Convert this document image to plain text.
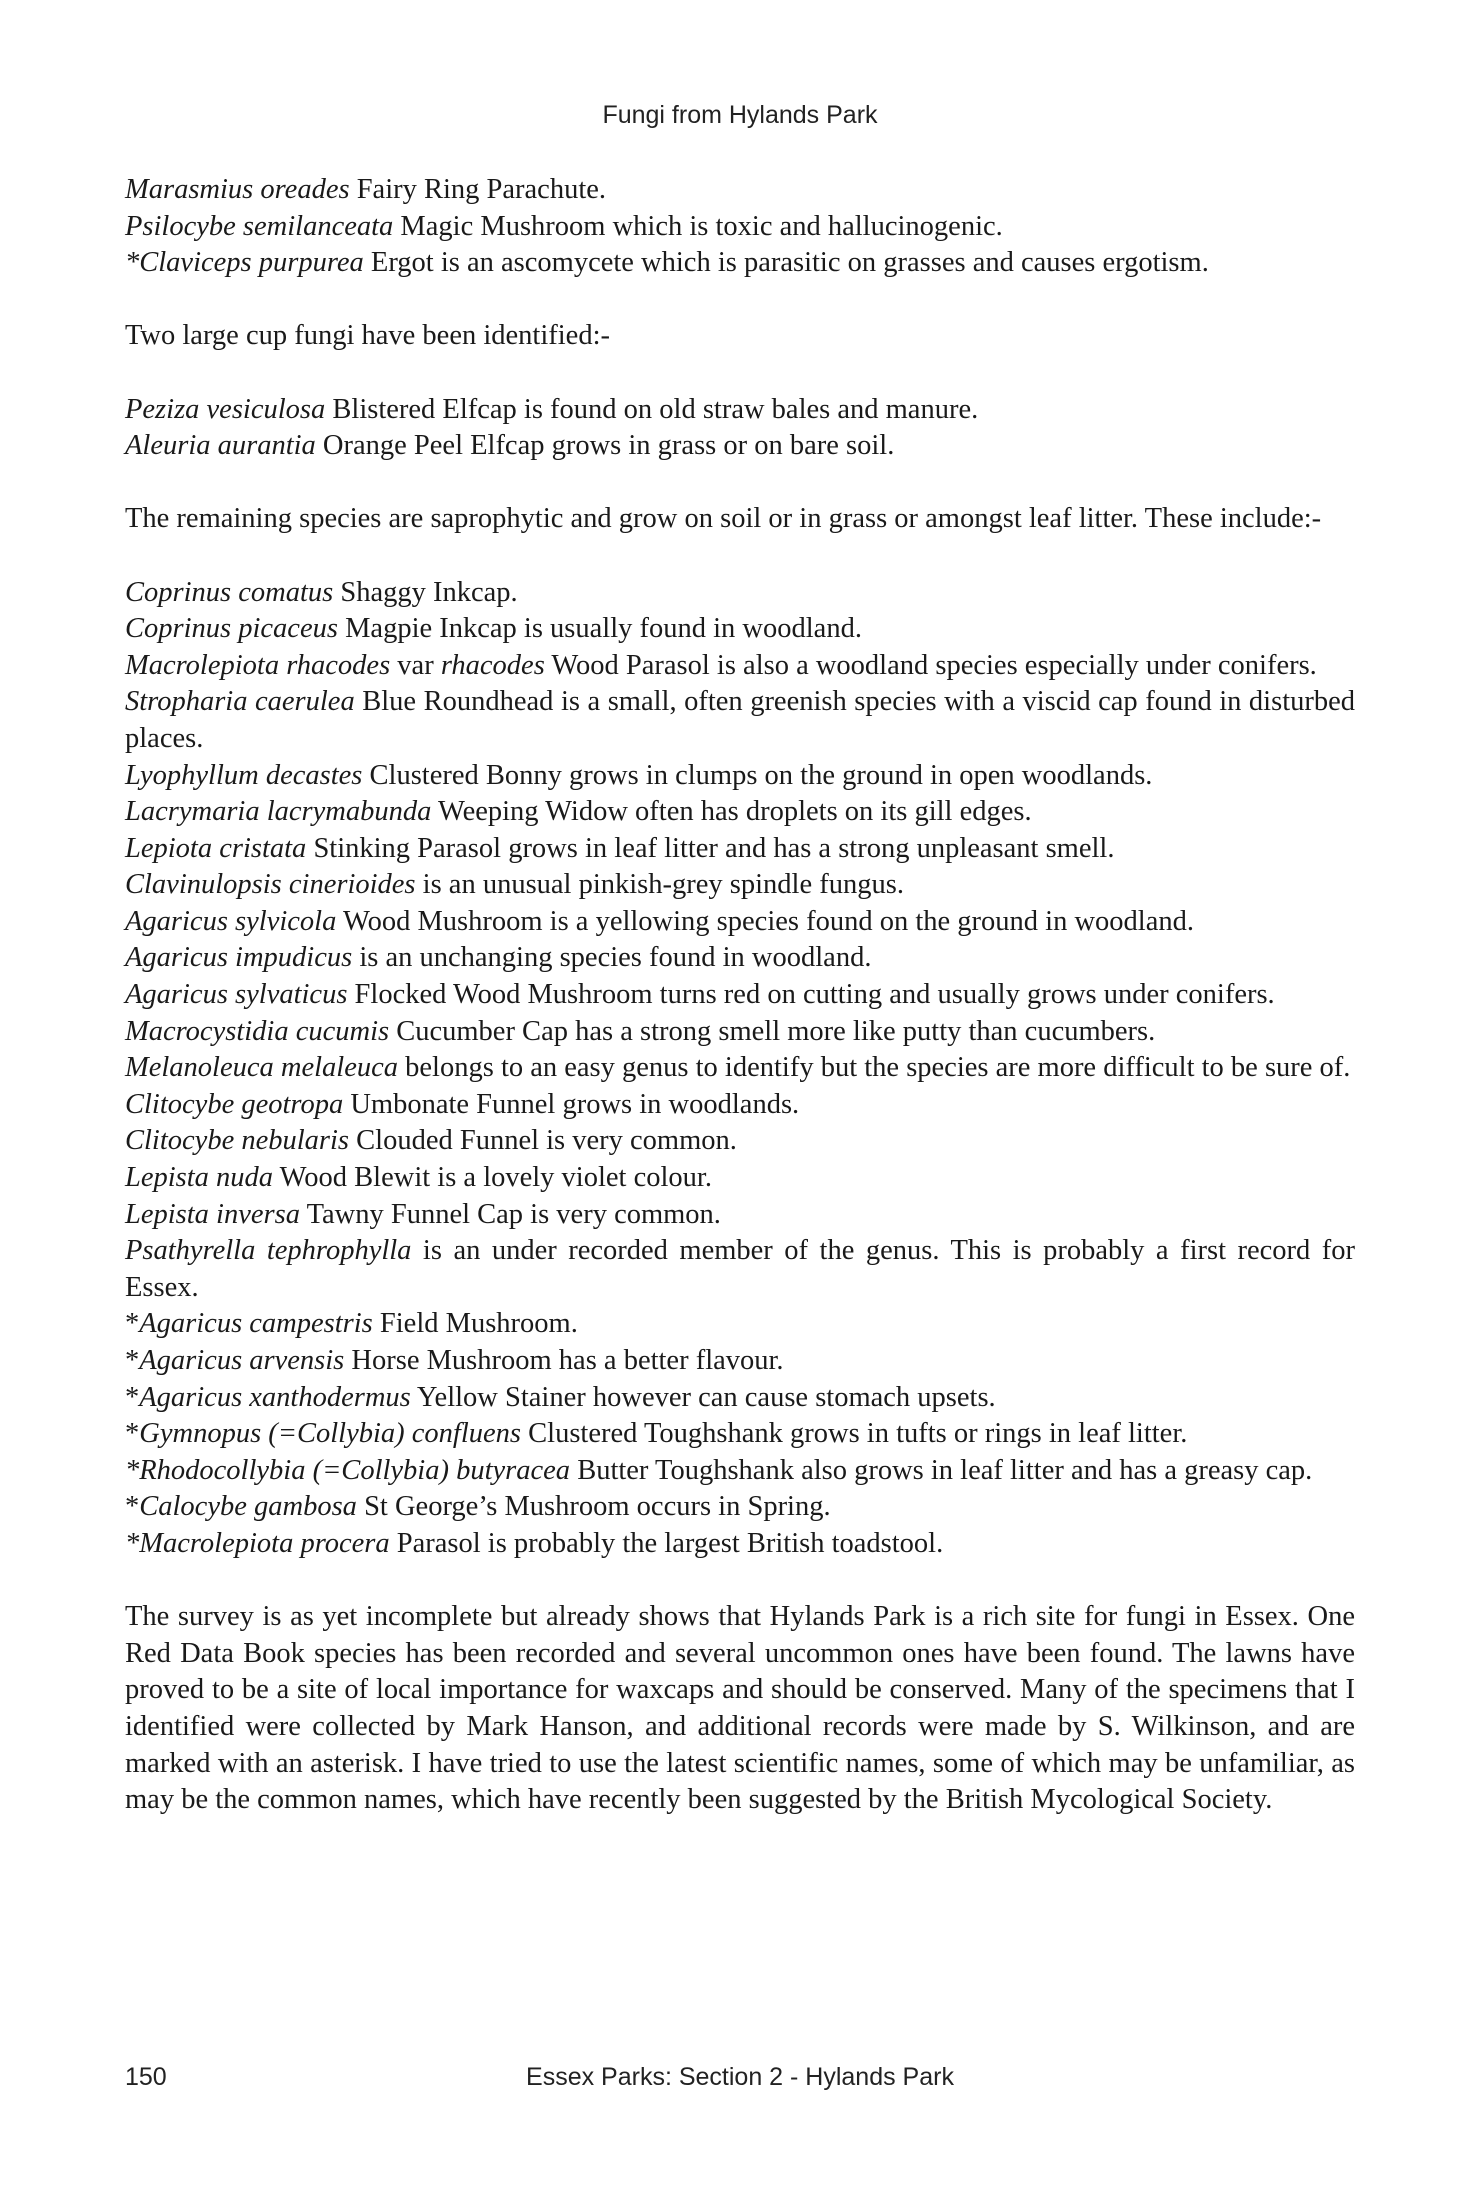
Fungi from Hylands Park

Marasmius oreades Fairy Ring Parachute.

Psilocybe semilanceata Magic Mushroom which is toxic and hallucinogenic.

*Claviceps purpurea Ergot is an ascomycete which is parasitic on grasses and causes ergotism.

Two large cup fungi have been identified:-

Peziza vesiculosa Blistered Elfcap is found on old straw bales and manure.

Aleuria aurantia Orange Peel Elfcap grows in grass or on bare soil.

The remaining species are saprophytic and grow on soil or in grass or amongst leaf litter. These include:-

Coprinus comatus Shaggy Inkcap.

Coprinus picaceus Magpie Inkcap is usually found in woodland.

Macrolepiota rhacodes var rhacodes Wood Parasol is also a woodland species especially under conifers.

Stropharia caerulea Blue Roundhead is a small, often greenish species with a viscid cap found in disturbed places.

Lyophyllum decastes Clustered Bonny grows in clumps on the ground in open woodlands.

Lacrymaria lacrymabunda Weeping Widow often has droplets on its gill edges.

Lepiota cristata Stinking Parasol grows in leaf litter and has a strong unpleasant smell.

Clavinulopsis cinerioides is an unusual pinkish-grey spindle fungus.

Agaricus sylvicola Wood Mushroom is a yellowing species found on the ground in woodland.

Agaricus impudicus is an unchanging species found in woodland.

Agaricus sylvaticus Flocked Wood Mushroom turns red on cutting and usually grows under conifers.

Macrocystidia cucumis Cucumber Cap has a strong smell more like putty than cucumbers.

Melanoleuca melaleuca belongs to an easy genus to identify but the species are more difficult to be sure of.

Clitocybe geotropa Umbonate Funnel grows in woodlands.

Clitocybe nebularis Clouded Funnel is very common.

Lepista nuda Wood Blewit is a lovely violet colour.

Lepista inversa Tawny Funnel Cap is very common.

Psathyrella tephrophylla is an under recorded member of the genus. This is probably a first record for Essex.

*Agaricus campestris Field Mushroom.

*Agaricus arvensis Horse Mushroom has a better flavour.

*Agaricus xanthodermus Yellow Stainer however can cause stomach upsets.

*Gymnopus (=Collybia) confluens Clustered Toughshank grows in tufts or rings in leaf litter.

*Rhodocollybia (=Collybia) butyracea Butter Toughshank also grows in leaf litter and has a greasy cap.

*Calocybe gambosa St George’s Mushroom occurs in Spring.

*Macrolepiota procera Parasol is probably the largest British toadstool.

The survey is as yet incomplete but already shows that Hylands Park is a rich site for fungi in Essex. One Red Data Book species has been recorded and several uncommon ones have been found. The lawns have proved to be a site of local importance for waxcaps and should be conserved. Many of the specimens that I identified were collected by Mark Hanson, and additional records were made by S. Wilkinson, and are marked with an asterisk. I have tried to use the latest scientific names, some of which may be unfamiliar, as may be the common names, which have recently been suggested by the British Mycological Society.

150	Essex Parks: Section 2 - Hylands Park
